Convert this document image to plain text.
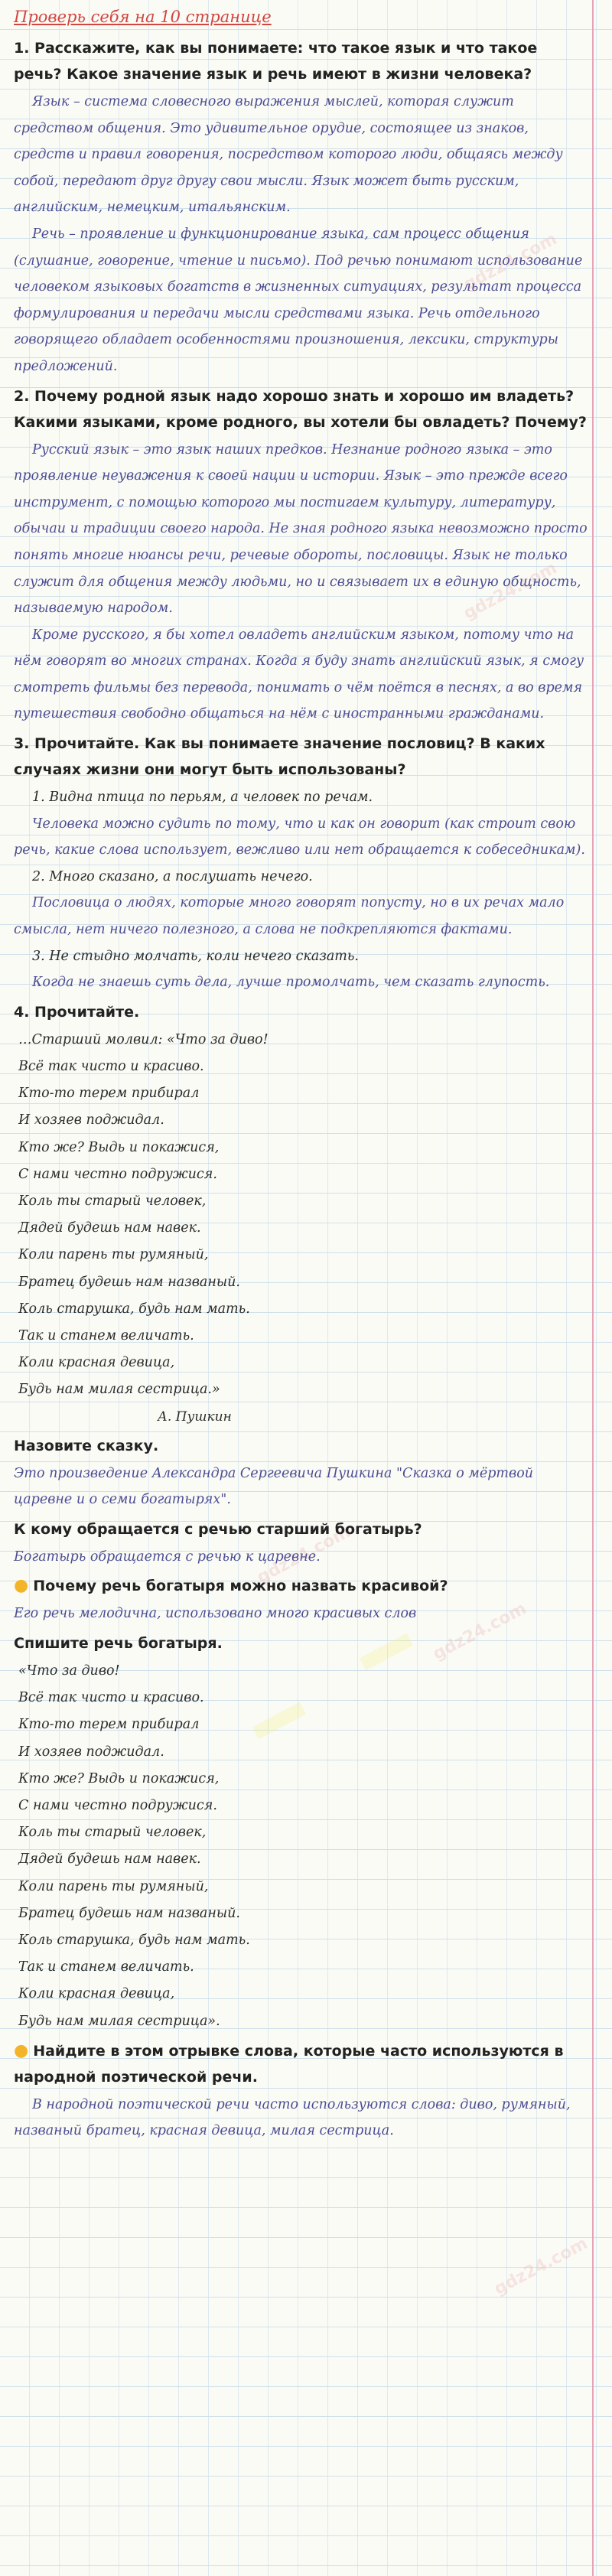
gdz24.com
gdz24.com
gdz24.com
gdz24.com
gdz24.com
Проверь себя на 10 странице
1. Расскажите, как вы понимаете: что такое язык и что такое речь? Какое значение язык и речь имеют в жизни человека?

Язык – система словесного выражения мыслей, которая служит средством общения. Это удивительное орудие, состоящее из знаков, средств и правил говорения, посредством которого люди, общаясь между собой, передают друг другу свои мысли. Язык может быть русским, английским, немецким, итальянским.

Речь – проявление и функционирование языка, сам процесс общения (слушание, говорение, чтение и письмо). Под речью понимают использование человеком языковых богатств в жизненных ситуациях, результат процесса формулирования и передачи мысли средствами языка. Речь отдельного говорящего обладает особенностями произношения, лексики, структуры предложений.

2. Почему родной язык надо хорошо знать и хорошо им владеть? Какими языками, кроме родного, вы хотели бы овладеть? Почему?

Русский язык – это язык наших предков. Незнание родного языка – это проявление неуважения к своей нации и истории. Язык – это прежде всего инструмент, с помощью которого мы постигаем культуру, литературу, обычаи и традиции своего народа. Не зная родного языка невозможно просто понять многие нюансы речи, речевые обороты, пословицы. Язык не только служит для общения между людьми, но и связывает их в единую общность, называемую народом.

Кроме русского, я бы хотел овладеть английским языком, потому что на нём говорят во многих странах. Когда я буду знать английский язык, я смогу смотреть фильмы без перевода, понимать о чём поётся в песнях, а во время путешествия свободно общаться на нём с иностранными гражданами.

3. Прочитайте. Как вы понимаете значение пословиц? В каких случаях жизни они могут быть использованы?
1. Видна птица по перьям, а человек по речам.

Человека можно судить по тому, что и как он говорит (как строит свою речь, какие слова использует, вежливо или нет обращается к собеседникам).

2. Много сказано, а послушать нечего.

Пословица о людях, которые много говорят попусту, но в их речах мало смысла, нет ничего полезного, а слова не подкрепляются фактами.

3. Не стыдно молчать, коли нечего сказать.

Когда не знаешь суть дела, лучше промолчать, чем сказать глупость.

4. Прочитайте.
…Старший молвил: «Что за диво!
Всё так чисто и красиво.
Кто-то терем прибирал
И хозяев поджидал.
Кто же? Выдь и покажися,
С нами честно подружися.
Коль ты старый человек,
Дядей будешь нам навек.
Коли парень ты румяный,
Братец будешь нам названый.
Коль старушка, будь нам мать.
Так и станем величать.
Коли красная девица,
Будь нам милая сестрица.»
А. Пушкин
Назовите сказку.

Это произведение Александра Сергеевича Пушкина "Сказка о мёртвой царевне и о семи богатырях".

К кому обращается с речью старший богатырь?

Богатырь обращается с речью к царевне.

● Почему речь богатыря можно назвать красивой?

Его речь мелодична, использовано много красивых слов

Спишите речь богатыря.
«Что за диво!
Всё так чисто и красиво.
Кто-то терем прибирал
И хозяев поджидал.
Кто же? Выдь и покажися,
С нами честно подружися.
Коль ты старый человек,
Дядей будешь нам навек.
Коли парень ты румяный,
Братец будешь нам названый.
Коль старушка, будь нам мать.
Так и станем величать.
Коли красная девица,
Будь нам милая сестрица».
● Найдите в этом отрывке слова, которые часто используются в народной поэтической речи.

В народной поэтической речи часто используются слова: диво, румяный, названый братец, красная девица, милая сестрица.
